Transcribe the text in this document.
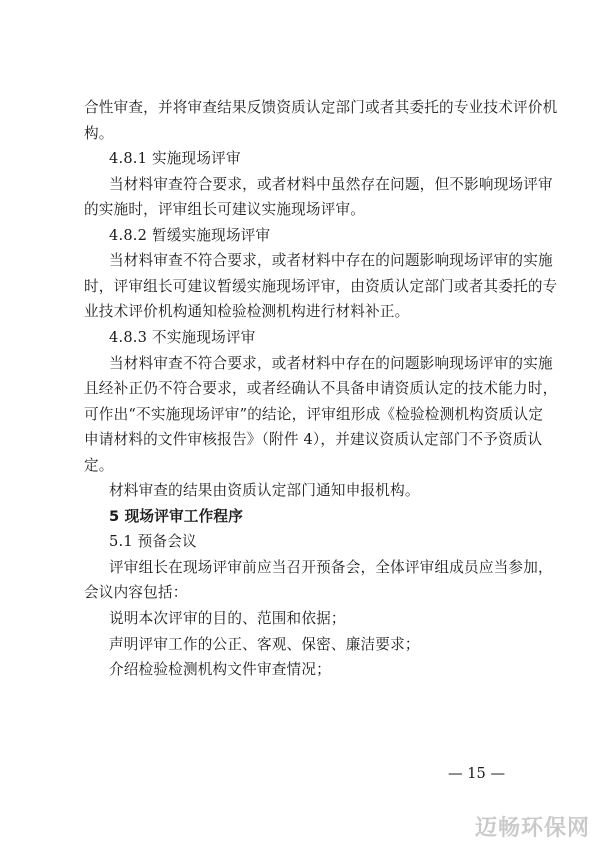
合性审查，并将审查结果反馈资质认定部门或者其委托的专业技术评价机
构。
4.8.1 实施现场评审
当材料审查符合要求，或者材料中虽然存在问题，但不影响现场评审
的实施时，评审组长可建议实施现场评审。
4.8.2 暂缓实施现场评审
当材料审查不符合要求，或者材料中存在的问题影响现场评审的实施
时，评审组长可建议暂缓实施现场评审，由资质认定部门或者其委托的专
业技术评价机构通知检验检测机构进行材料补正。
4.8.3 不实施现场评审
当材料审查不符合要求，或者材料中存在的问题影响现场评审的实施
且经补正仍不符合要求，或者经确认不具备申请资质认定的技术能力时，
可作出“不实施现场评审”的结论，评审组形成《检验检测机构资质认定
申请材料的文件审核报告》（附件 4），并建议资质认定部门不予资质认
定。
材料审查的结果由资质认定部门通知申报机构。
5 现场评审工作程序
5.1 预备会议
评审组长在现场评审前应当召开预备会，全体评审组成员应当参加，
会议内容包括：
说明本次评审的目的、范围和依据；
声明评审工作的公正、客观、保密、廉洁要求；
介绍检验检测机构文件审查情况；
— 15 —
迈畅环保网
